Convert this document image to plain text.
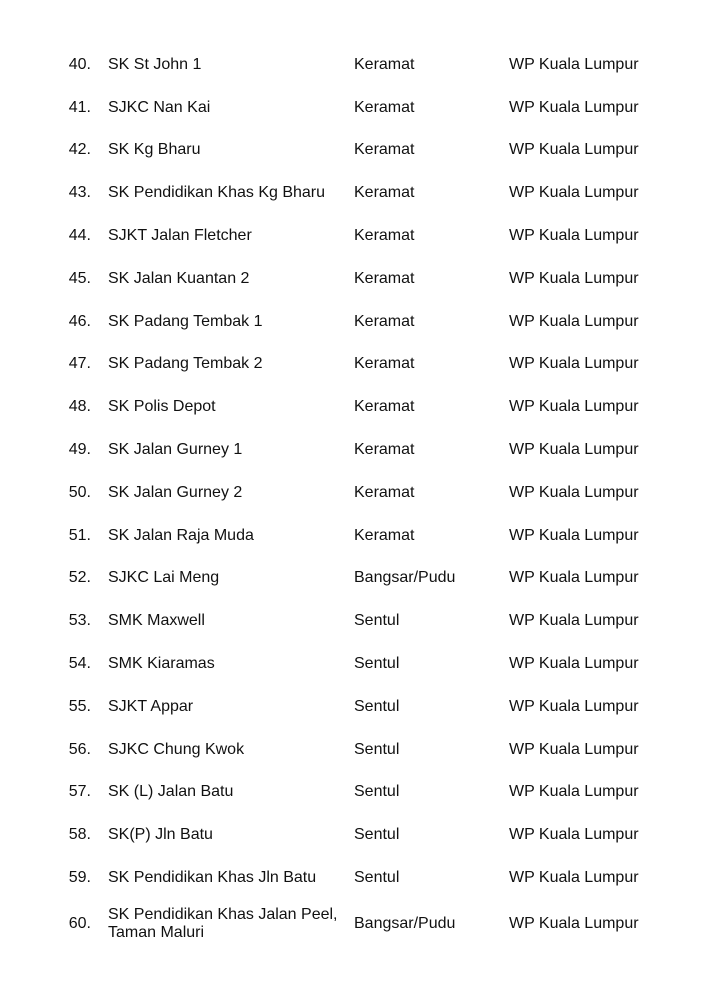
40.	SK St John 1	Keramat	WP Kuala Lumpur
41.	SJKC Nan Kai	Keramat	WP Kuala Lumpur
42.	SK Kg Bharu	Keramat	WP Kuala Lumpur
43.	SK Pendidikan Khas Kg Bharu	Keramat	WP Kuala Lumpur
44.	SJKT Jalan Fletcher	Keramat	WP Kuala Lumpur
45.	SK Jalan Kuantan 2	Keramat	WP Kuala Lumpur
46.	SK Padang Tembak 1	Keramat	WP Kuala Lumpur
47.	SK Padang Tembak 2	Keramat	WP Kuala Lumpur
48.	SK Polis Depot	Keramat	WP Kuala Lumpur
49.	SK Jalan Gurney 1	Keramat	WP Kuala Lumpur
50.	SK Jalan Gurney 2	Keramat	WP Kuala Lumpur
51.	SK Jalan Raja Muda	Keramat	WP Kuala Lumpur
52.	SJKC Lai Meng	Bangsar/Pudu	WP Kuala Lumpur
53.	SMK Maxwell	Sentul	WP Kuala Lumpur
54.	SMK Kiaramas	Sentul	WP Kuala Lumpur
55.	SJKT Appar	Sentul	WP Kuala Lumpur
56.	SJKC Chung Kwok	Sentul	WP Kuala Lumpur
57.	SK (L) Jalan Batu	Sentul	WP Kuala Lumpur
58.	SK(P) Jln Batu	Sentul	WP Kuala Lumpur
59.	SK Pendidikan Khas Jln Batu	Sentul	WP Kuala Lumpur
60.	SK Pendidikan Khas Jalan Peel, Taman Maluri	Bangsar/Pudu	WP Kuala Lumpur
